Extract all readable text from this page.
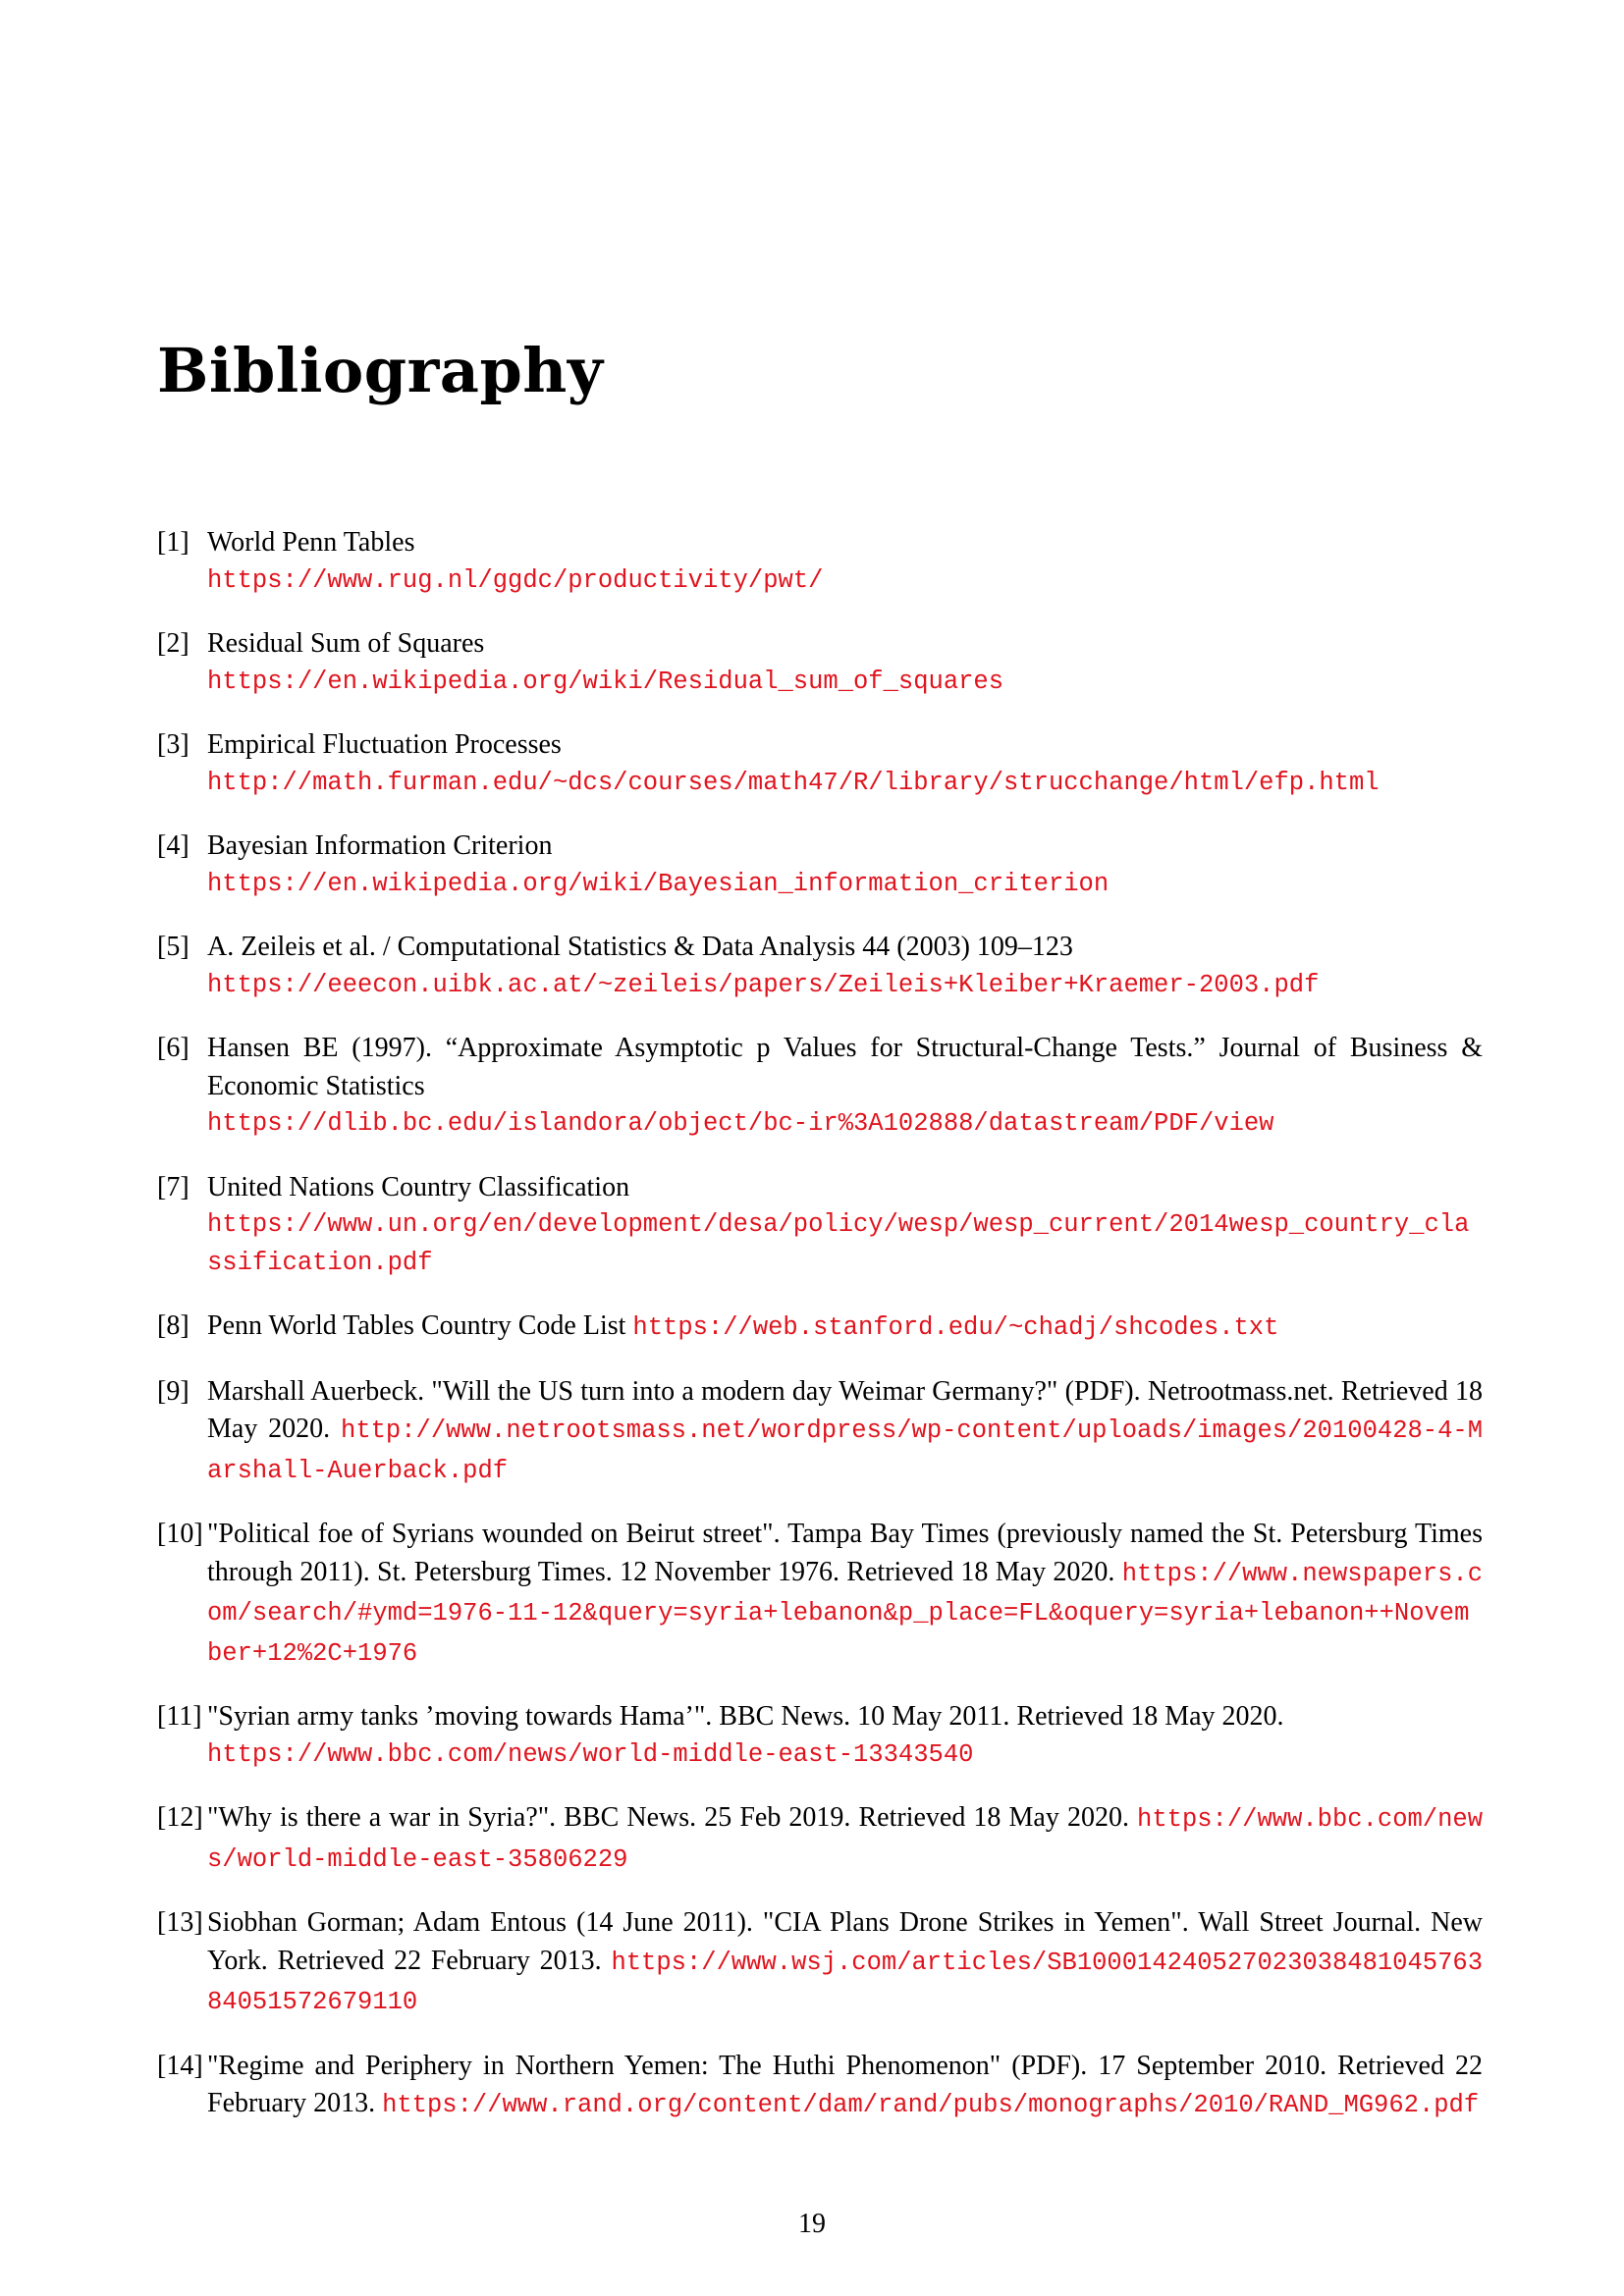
Bibliography
[1] World Penn Tables
https://www.rug.nl/ggdc/productivity/pwt/
[2] Residual Sum of Squares
https://en.wikipedia.org/wiki/Residual_sum_of_squares
[3] Empirical Fluctuation Processes
http://math.furman.edu/~dcs/courses/math47/R/library/strucchange/html/efp.html
[4] Bayesian Information Criterion
https://en.wikipedia.org/wiki/Bayesian_information_criterion
[5] A. Zeileis et al. / Computational Statistics & Data Analysis 44 (2003) 109–123
https://eeecon.uibk.ac.at/~zeileis/papers/Zeileis+Kleiber+Kraemer-2003.pdf
[6] Hansen BE (1997). “Approximate Asymptotic p Values for Structural-Change Tests.” Journal of Business & Economic Statistics
https://dlib.bc.edu/islandora/object/bc-ir%3A102888/datastream/PDF/view
[7] United Nations Country Classification
https://www.un.org/en/development/desa/policy/wesp/wesp_current/2014wesp_country_classification.pdf
[8] Penn World Tables Country Code List https://web.stanford.edu/~chadj/shcodes.txt
[9] Marshall Auerbeck. "Will the US turn into a modern day Weimar Germany?" (PDF). Netrootmass.net. Retrieved 18 May 2020. http://www.netrootsmass.net/wordpress/wp-content/uploads/images/20100428-4-Marshall-Auerback.pdf
[10] "Political foe of Syrians wounded on Beirut street". Tampa Bay Times (previously named the St. Petersburg Times through 2011). St. Petersburg Times. 12 November 1976. Retrieved 18 May 2020. https://www.newspapers.com/search/#ymd=1976-11-12&query=syria+lebanon&p_place=FL&oquery=syria+lebanon++November+12%2C+1976
[11] "Syrian army tanks ’moving towards Hama’". BBC News. 10 May 2011. Retrieved 18 May 2020.
https://www.bbc.com/news/world-middle-east-13343540
[12] "Why is there a war in Syria?". BBC News. 25 Feb 2019. Retrieved 18 May 2020. https://www.bbc.com/news/world-middle-east-35806229
[13] Siobhan Gorman; Adam Entous (14 June 2011). "CIA Plans Drone Strikes in Yemen". Wall Street Journal. New York. Retrieved 22 February 2013. https://www.wsj.com/articles/SB10001424052702303848104576384051572679110
[14] "Regime and Periphery in Northern Yemen: The Huthi Phenomenon" (PDF). 17 September 2010. Retrieved 22 February 2013. https://www.rand.org/content/dam/rand/pubs/monographs/2010/RAND_MG962.pdf
19
